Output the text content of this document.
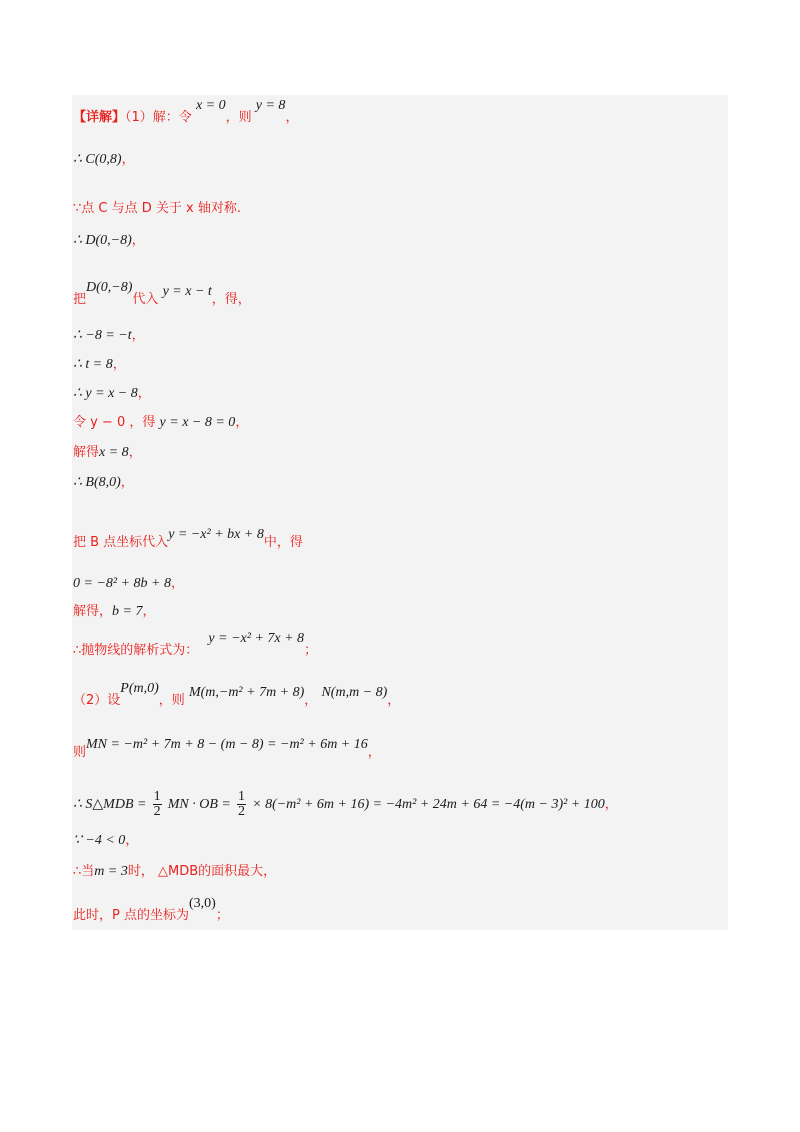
【详解】（1）解：令 x = 0，则 y = 8，
∴ C(0,8)，
∵点 C 与点 D 关于 x 轴对称.
∴ D(0,−8)，
把D(0,−8)代入 y = x − t，得，
∴ −8 = −t，
∴ t = 8，
∴ y = x − 8，
令 y − 0 ，得 y = x − 8 = 0，
解得x = 8，
∴ B(8,0)，
把 B 点坐标代入y = −x² + bx + 8中，得
0 = −8² + 8b + 8，
解得，b = 7，
∴抛物线的解析式为： y = −x² + 7x + 8；
（2）设P(m,0)，则 M(m,−m² + 7m + 8)， N(m,m − 8)，
则MN = −m² + 7m + 8 − (m − 8) = −m² + 6m + 16，
∴ S△MDB = $\frac{1}{2}$ MN · OB = $\frac{1}{2} \times 8(-m^2 + 6m + 16) = -4m^2 + 24m + 64 = -4(m - 3)^2 + 100$，
∵ −4 < 0，
∴当m = 3时， △MDB的面积最大，
此时，P 点的坐标为(3,0)；
